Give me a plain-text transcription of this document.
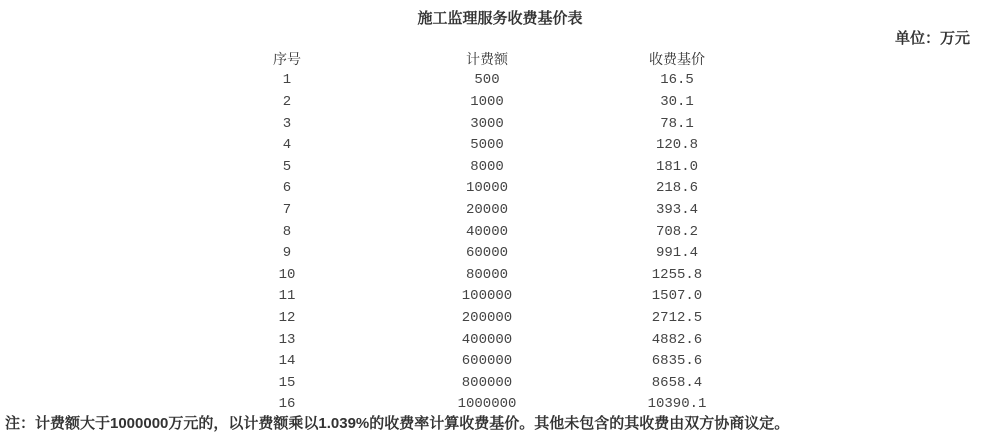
施工监理服务收费基价表
单位：万元
序号	计费额	收费基价
1	500	16.5
2	1000	30.1
3	3000	78.1
4	5000	120.8
5	8000	181.0
6	10000	218.6
7	20000	393.4
8	40000	708.2
9	60000	991.4
10	80000	1255.8
11	100000	1507.0
12	200000	2712.5
13	400000	4882.6
14	600000	6835.6
15	800000	8658.4
16	1000000	10390.1
注：计费额大于1000000万元的，以计费额乘以1.039%的收费率计算收费基价。其他未包含的其收费由双方协商议定。
